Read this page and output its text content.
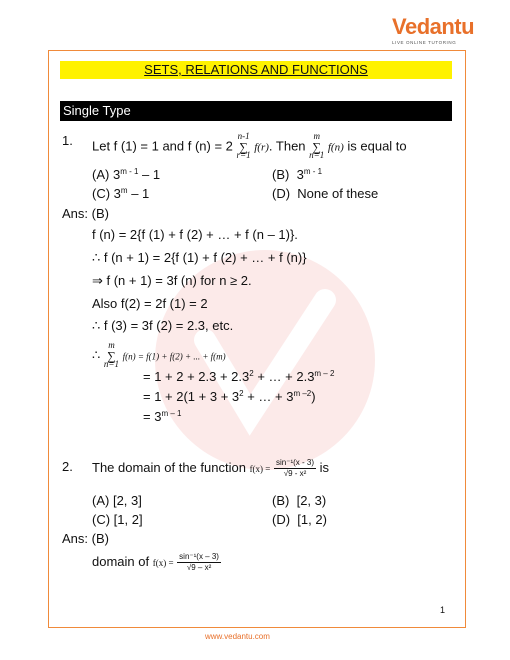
Vedantu
LIVE ONLINE TUTORING
SETS, RELATIONS AND FUNCTIONS
Single Type
1. Let f (1) = 1 and f (n) = 2 n-1
∑
r=1 f(r). Then m
∑
n=1 f(n) is equal to
(A) 3$^{m - 1}$ – 1	(B) 3$^{m - 1}$
(C) 3$^m$ – 1	(D) None of these
Ans: (B)
f (n) = 2{f (1) + f (2) + … + f (n – 1)}.
∴ f (n + 1) = 2{f (1) + f (2) + … + f (n)}
⇒ f (n + 1) = 3f (n) for n ≥ 2.
Also f(2) = 2f (1) = 2
∴ f (3) = 3f (2) = 2.3, etc.
∴ m
∑
n=1 f(n) = f(1) + f(2) + ... + f(m)
= $1 + 2 + 2.3 + 2.3^2$ + … + $2.3^{m - 2}$
= $1 + 2(1 + 3 + 3^2$ + … + $3^{m -2}$)
= $3^{m - 1}$
2. The domain of the function $f(x) = \frac{\text{sin⁻¹(x - 3)}}{\text{√9 - x²}}$ is
(A) [2, 3]	(B) [2, 3)
(C) [1, 2]	(D) [1, 2)
Ans: (B)
domain of $f(x) = \frac{\text{sin⁻¹(x – 3)}}{\text{√9 – x²}}$
1
www.vedantu.com
